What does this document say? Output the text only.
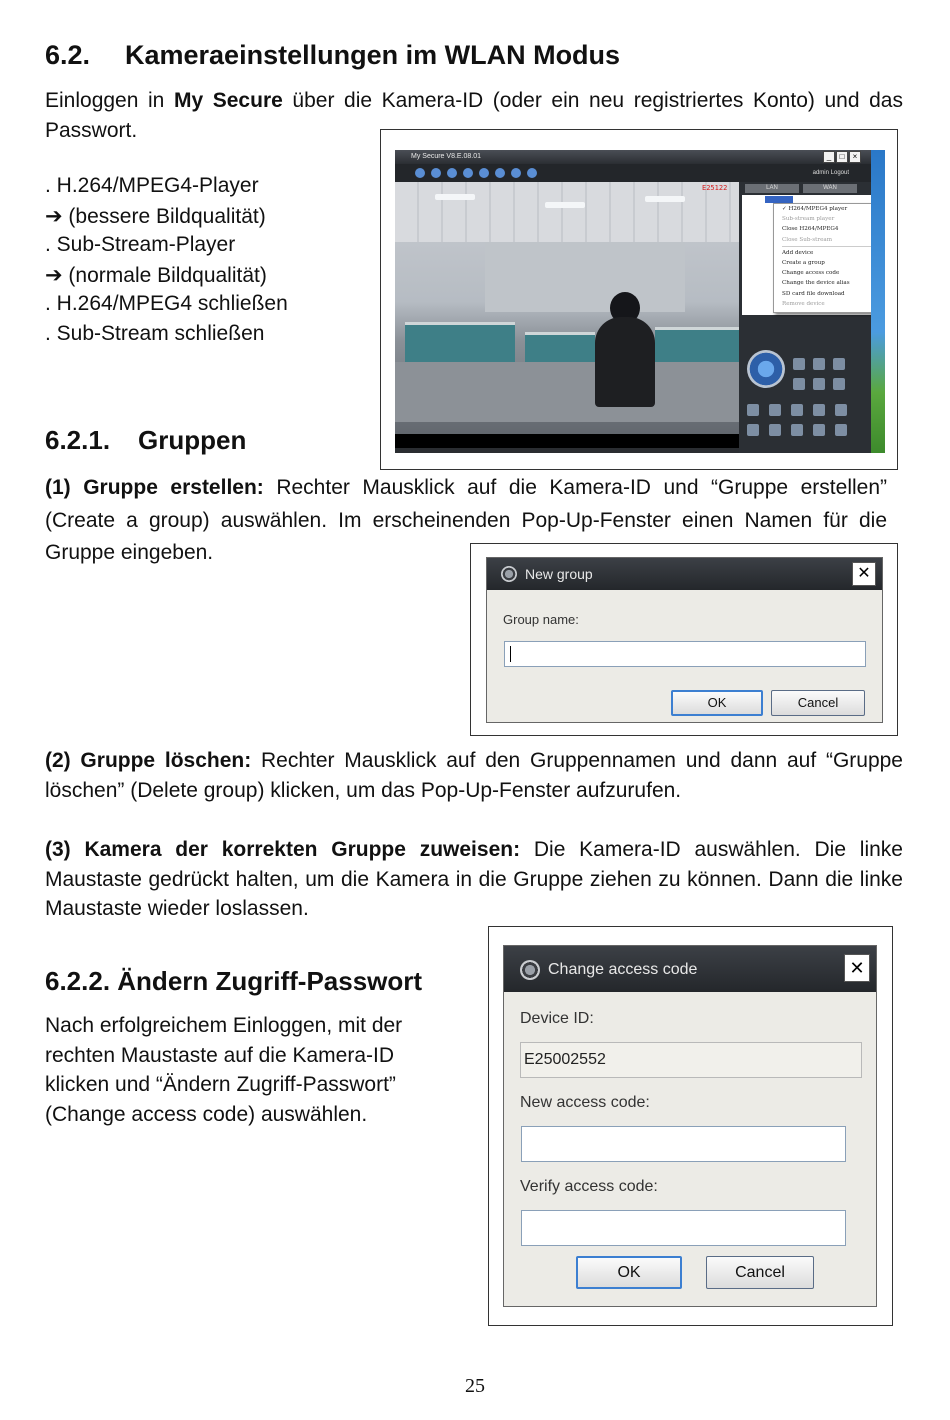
6.2. Kameraeinstellungen im WLAN Modus
Einloggen in My Secure über die Kamera-ID (oder ein neu registriertes Konto) und das Passwort.
. H.264/MPEG4-Player
➔ (bessere Bildqualität)
. Sub-Stream-Player
➔ (normale Bildqualität)
. H.264/MPEG4 schließen
. Sub-Stream schließen
My Secure V8.E.08.01	_	□	×
admin Logout
E25122	LAN	WAN
✓ H264/MPEG4 player
Sub-stream player
Close H264/MPEG4
Close Sub-stream
Add device
Create a group
Change access code
Change the device alias
SD card file download
Remove device
6.2.1. Gruppen
(1) Gruppe erstellen: Rechter Mausklick auf die Kamera-ID und “Gruppe erstellen” (Create a group) auswählen. Im erscheinenden Pop-Up-Fenster einen Namen für die Gruppe eingeben.
New group	✕
Group name:
OK	Cancel
(2) Gruppe löschen: Rechter Mausklick auf den Gruppennamen und dann auf “Gruppe löschen” (Delete group) klicken, um das Pop-Up-Fenster aufzurufen.
(3) Kamera der korrekten Gruppe zuweisen: Die Kamera-ID auswählen. Die linke Maustaste gedrückt halten, um die Kamera in die Gruppe ziehen zu können. Dann die linke Maustaste wieder loslassen.
6.2.2. Ändern Zugriff-Passwort
Nach erfolgreichem Einloggen, mit der rechten Maustaste auf die Kamera-ID klicken und “Ändern Zugriff-Passwort” (Change access code) auswählen.
Change access code	✕
Device ID:
E25002552
New access code:
Verify access code:
OK	Cancel
25
